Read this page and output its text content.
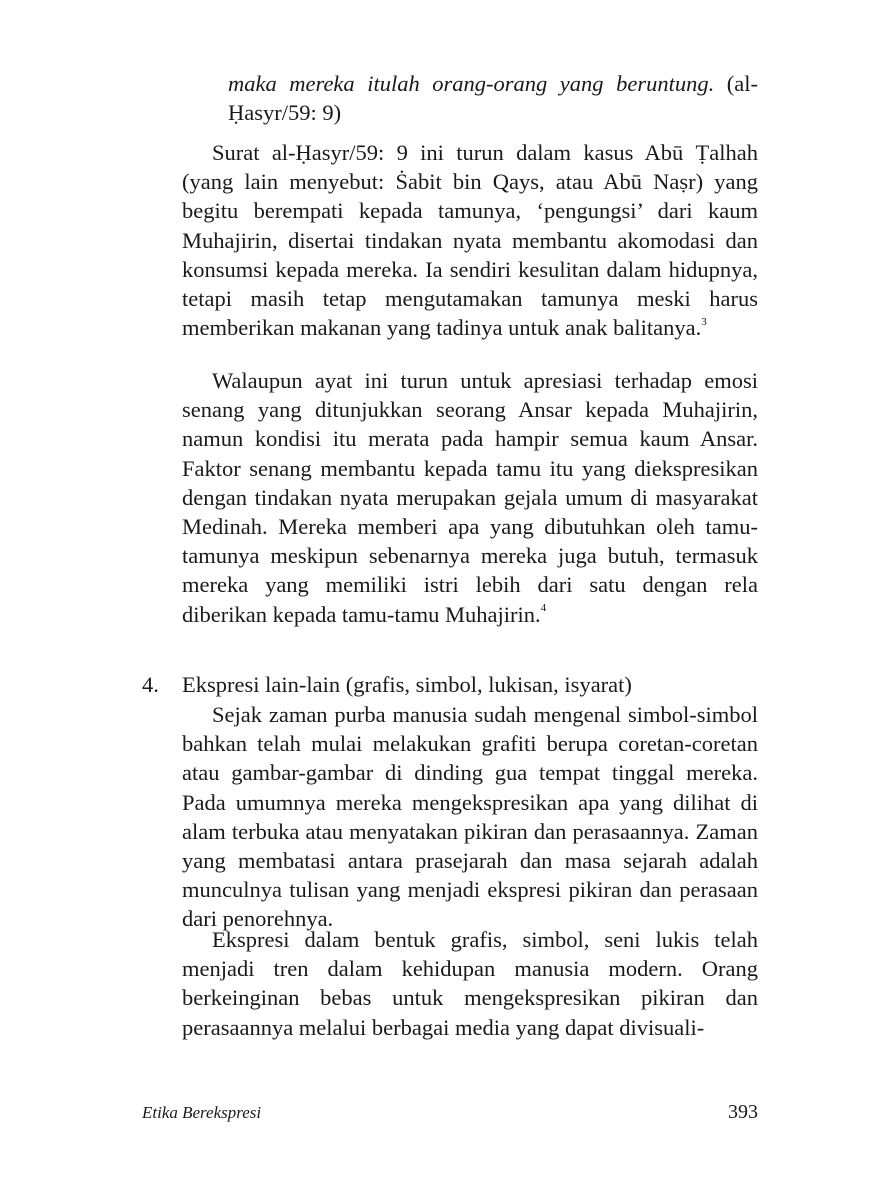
maka mereka itulah orang-orang yang beruntung. (al-Ḥasyr/59: 9)

Surat al-Ḥasyr/59: 9 ini turun dalam kasus Abū Ṭalhah (yang lain menyebut: Ṡabit bin Qays, atau Abū Naṣr) yang begitu berempati kepada tamunya, ‘pengungsi’ dari kaum Muhajirin, disertai tindakan nyata membantu akomodasi dan konsumsi kepada mereka. Ia sendiri kesulitan dalam hidupnya, tetapi masih tetap mengutamakan tamunya meski harus memberikan makanan yang tadinya untuk anak balitanya.$^3$

Walaupun ayat ini turun untuk apresiasi terhadap emosi senang yang ditunjukkan seorang Ansar kepada Muhajirin, namun kondisi itu merata pada hampir semua kaum Ansar. Faktor senang membantu kepada tamu itu yang diekspresikan dengan tindakan nyata merupakan gejala umum di masyarakat Medinah. Mereka memberi apa yang dibutuhkan oleh tamu-tamunya meskipun sebenarnya mereka juga butuh, termasuk mereka yang memiliki istri lebih dari satu dengan rela diberikan kepada tamu-tamu Muhajirin.$^4$

4. Ekspresi lain-lain (grafis, simbol, lukisan, isyarat)

Sejak zaman purba manusia sudah mengenal simbol-simbol bahkan telah mulai melakukan grafiti berupa coretan-coretan atau gambar-gambar di dinding gua tempat tinggal mereka. Pada umumnya mereka mengekspresikan apa yang dilihat di alam terbuka atau menyatakan pikiran dan perasaannya. Zaman yang membatasi antara prasejarah dan masa sejarah adalah munculnya tulisan yang menjadi ekspresi pikiran dan perasaan dari penorehnya.

Ekspresi dalam bentuk grafis, simbol, seni lukis telah menjadi tren dalam kehidupan manusia modern. Orang berkeinginan bebas untuk mengekspresikan pikiran dan perasaannya melalui berbagai media yang dapat divisuali-

Etika Berekspresi	393
